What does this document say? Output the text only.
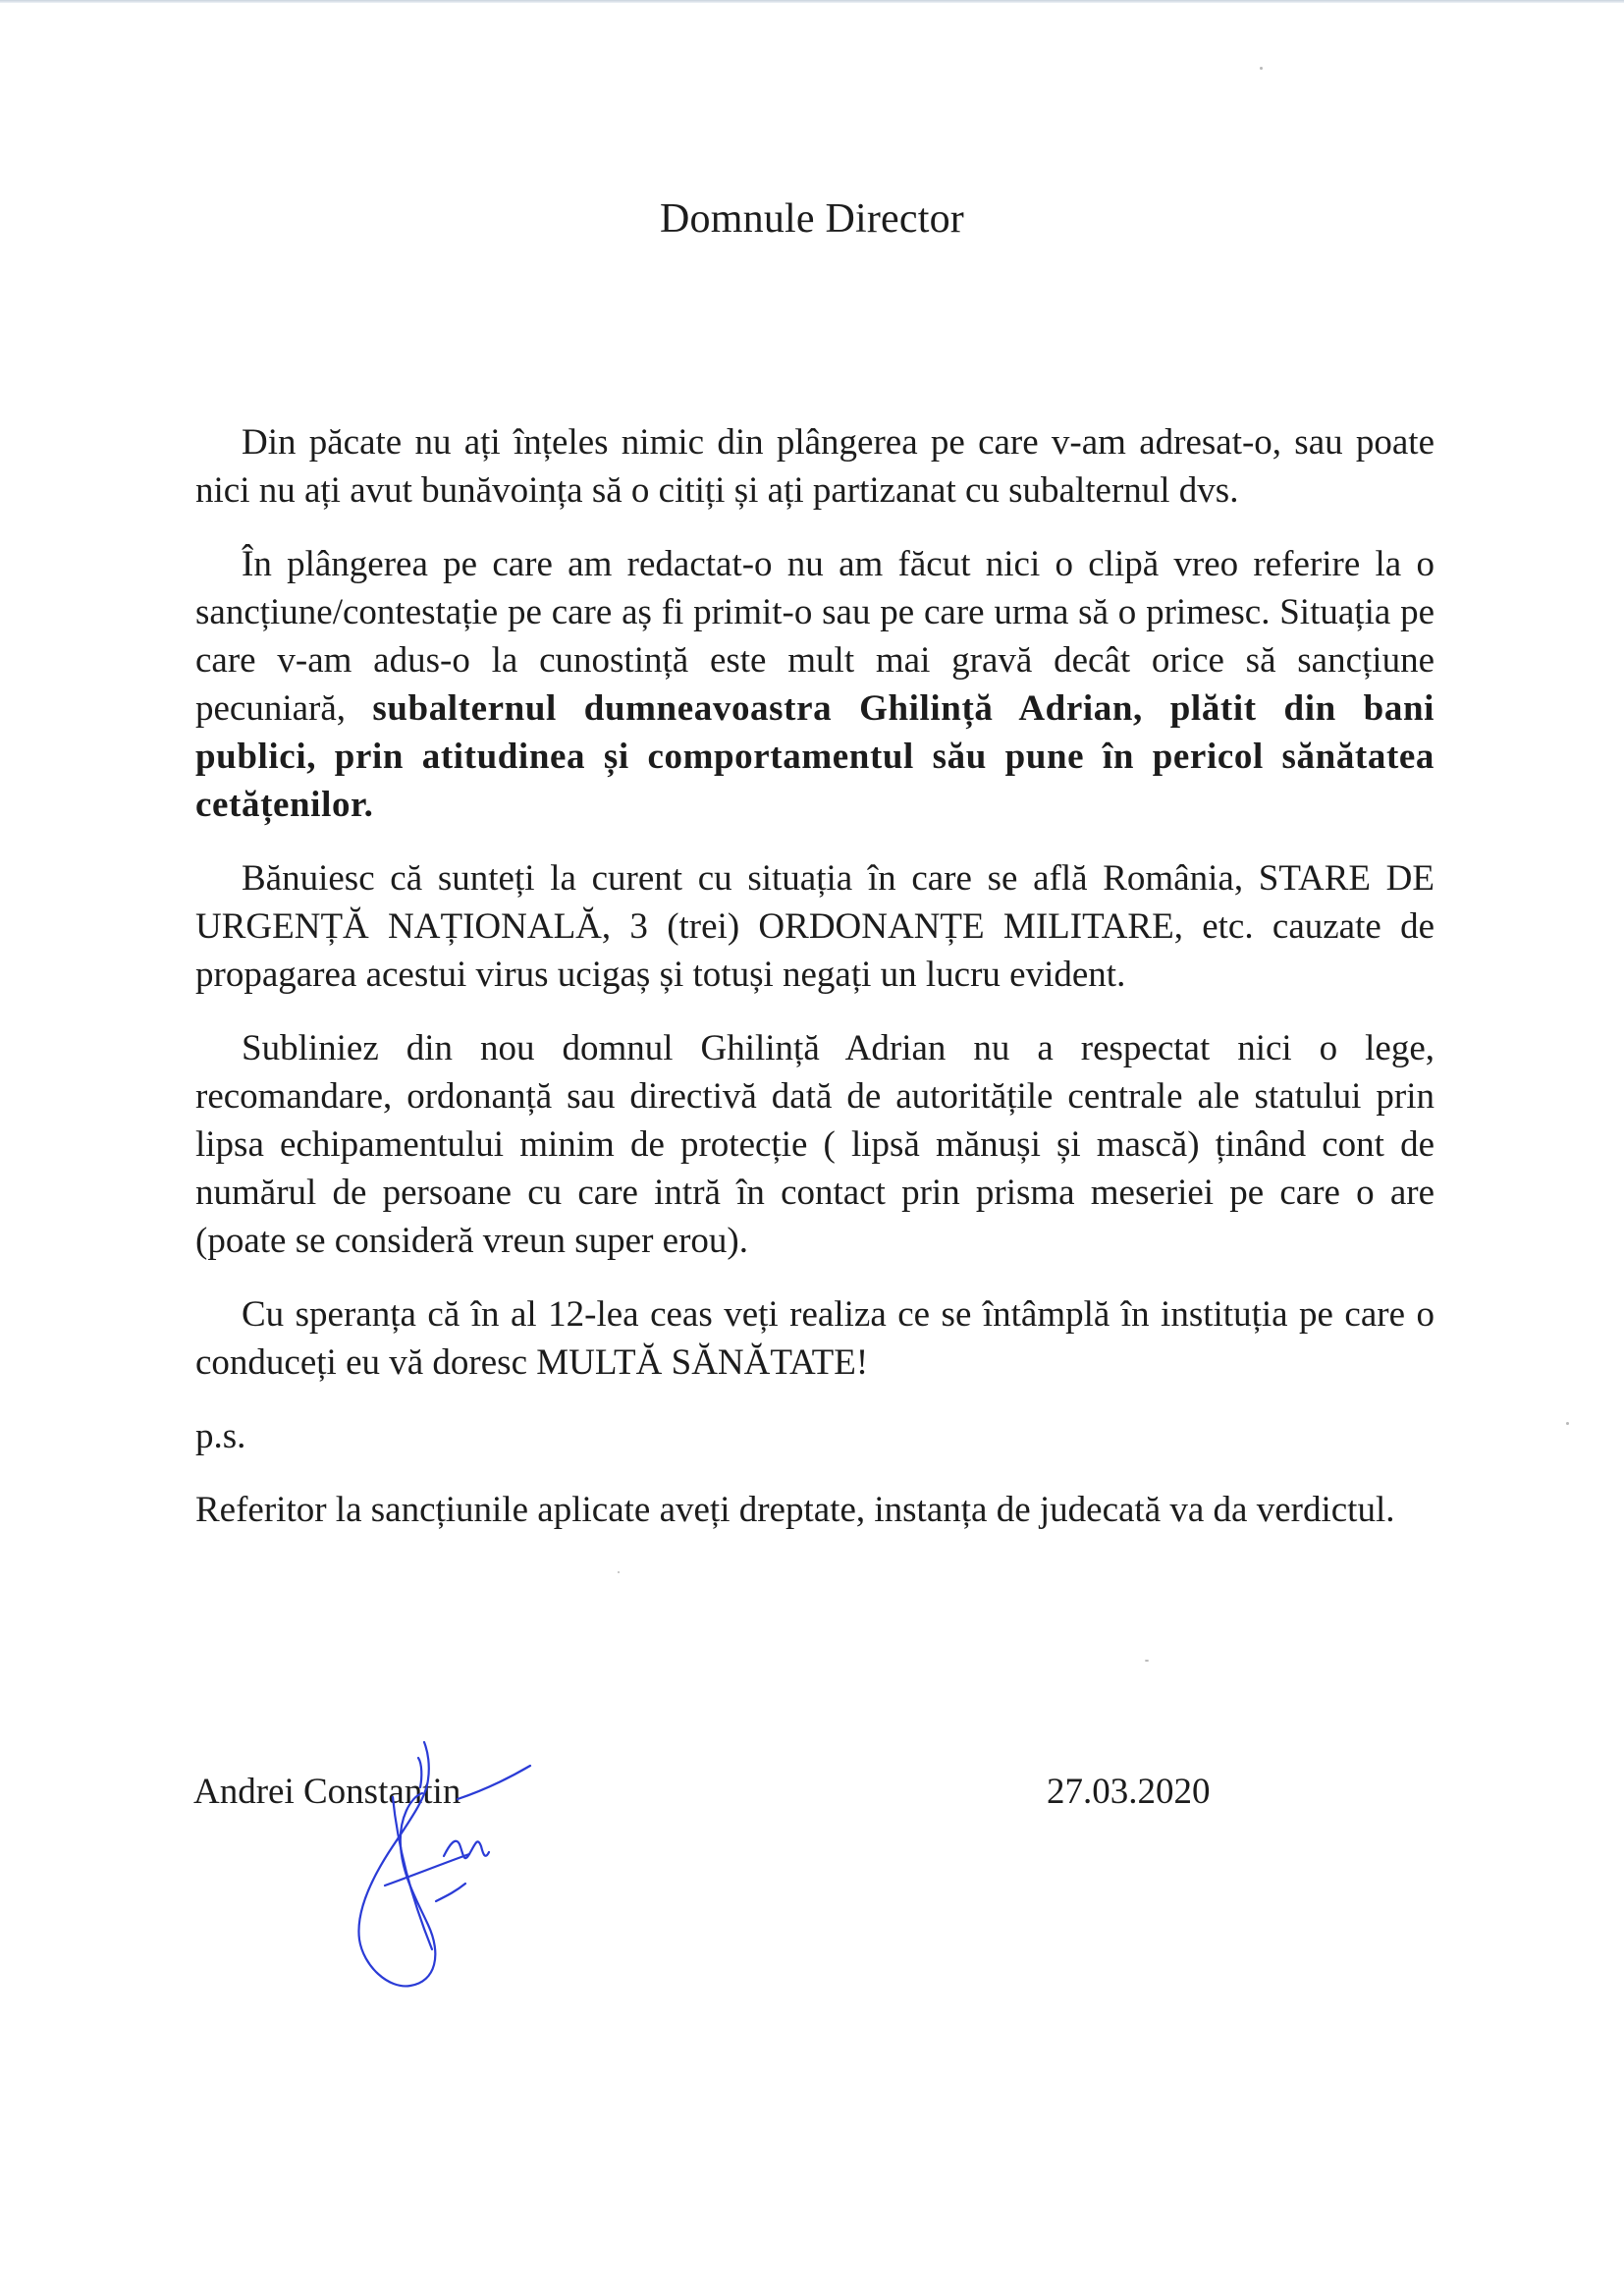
Domnule Director

Din păcate nu ați înțeles nimic din plângerea pe care v-am adresat-o, sau poate nici nu ați avut bunăvoința să o citiți și ați partizanat cu subalternul dvs.

În plângerea pe care am redactat-o nu am făcut nici o clipă vreo referire la o sancțiune/contestație pe care aș fi primit-o sau pe care urma să o primesc. Situația pe care v-am adus-o la cunostință este mult mai gravă decât orice să sancțiune pecuniară, subalternul dumneavoastra Ghilință Adrian, plătit din bani publici, prin atitudinea și comportamentul său pune în pericol sănătatea cetățenilor.

Bănuiesc că sunteți la curent cu situația în care se află România, STARE DE URGENȚĂ NAȚIONALĂ, 3 (trei) ORDONANȚE MILITARE, etc. cauzate de propagarea acestui virus ucigaș și totuși negați un lucru evident.

Subliniez din nou domnul Ghilință Adrian nu a respectat nici o lege, recomandare, ordonanță sau directivă dată de autoritățile centrale ale statului prin lipsa echipamentului minim de protecție ( lipsă mănuși și mască) ținând cont de numărul de persoane cu care intră în contact prin prisma meseriei pe care o are (poate se consideră vreun super erou).

Cu speranța că în al 12-lea ceas veți realiza ce se întâmplă în instituția pe care o conduceți eu vă doresc MULTĂ SĂNĂTATE!

p.s.

Referitor la sancțiunile aplicate aveți dreptate, instanța de judecată va da verdictul.

Andrei Constantin	27.03.2020
